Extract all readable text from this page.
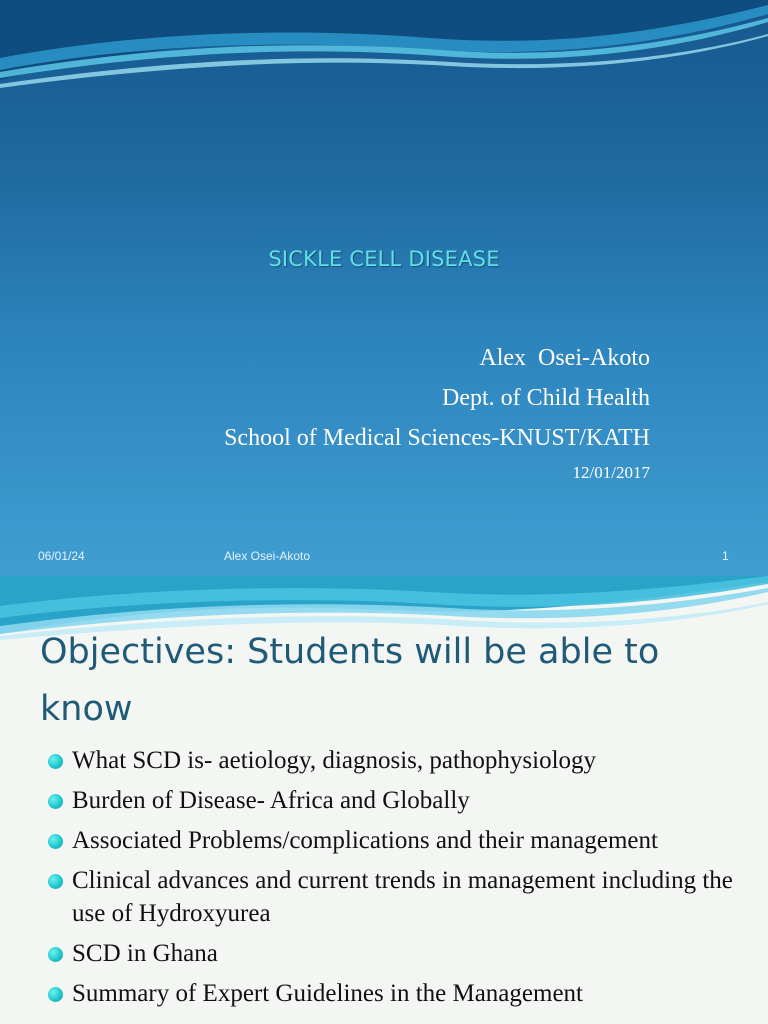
SICKLE CELL DISEASE
Alex  Osei-Akoto
Dept. of Child Health
School of Medical Sciences-KNUST/KATH
12/01/2017
06/01/24	Alex Osei-Akoto	1
Objectives: Students will be able to know
What SCD is- aetiology, diagnosis, pathophysiology
Burden of Disease- Africa and Globally
Associated Problems/complications and their management
Clinical advances and current trends in management including the use of Hydroxyurea
SCD in Ghana
Summary of Expert Guidelines in the Management
